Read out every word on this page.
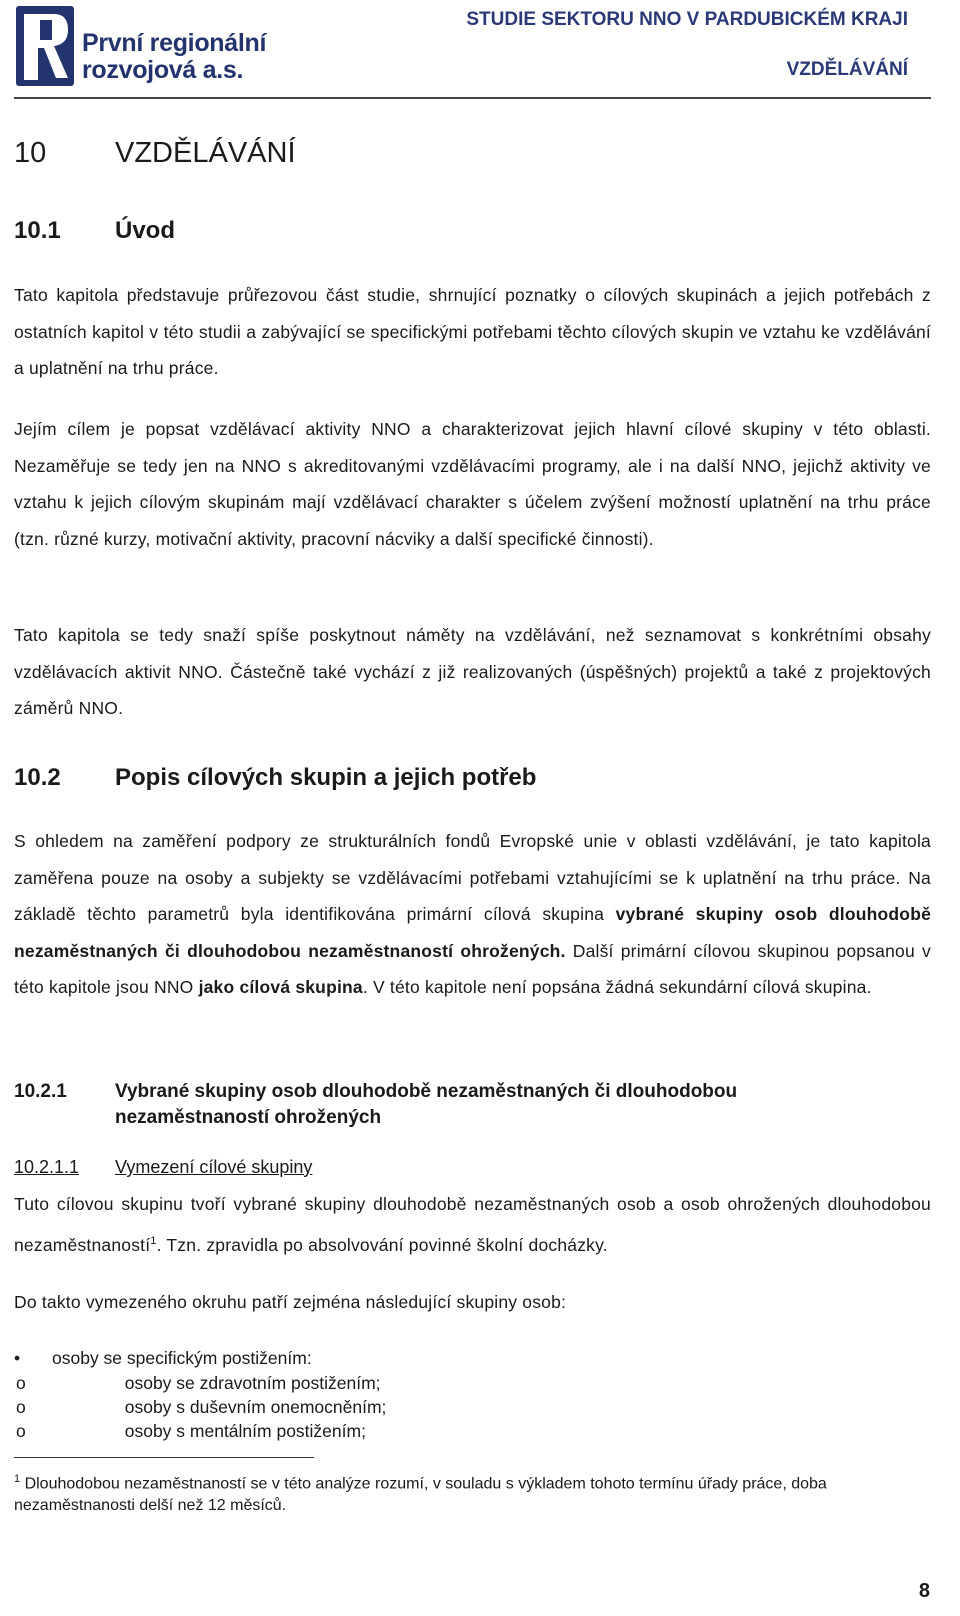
První regionální
rozvojová a.s.
STUDIE SEKTORU NNO V PARDUBICKÉM KRAJI
VZDĚLÁVÁNÍ
10 VZDĚLÁVÁNÍ
10.1 Úvod
Tato kapitola představuje průřezovou část studie, shrnující poznatky o cílových skupinách a jejich potřebách z ostatních kapitol v této studii a zabývající se specifickými potřebami těchto cílových skupin ve vztahu ke vzdělávání a uplatnění na trhu práce.
Jejím cílem je popsat vzdělávací aktivity NNO a charakterizovat jejich hlavní cílové skupiny v této oblasti. Nezaměřuje se tedy jen na NNO s akreditovanými vzdělávacími programy, ale i na další NNO, jejichž aktivity ve vztahu k jejich cílovým skupinám mají vzdělávací charakter s účelem zvýšení možností uplatnění na trhu práce (tzn. různé kurzy, motivační aktivity, pracovní nácviky a další specifické činnosti).
Tato kapitola se tedy snaží spíše poskytnout náměty na vzdělávání, než seznamovat s konkrétními obsahy vzdělávacích aktivit NNO. Částečně také vychází z již realizovaných (úspěšných) projektů a také z projektových záměrů NNO.
10.2 Popis cílových skupin a jejich potřeb
S ohledem na zaměření podpory ze strukturálních fondů Evropské unie v oblasti vzdělávání, je tato kapitola zaměřena pouze na osoby a subjekty se vzdělávacími potřebami vztahujícími se k uplatnění na trhu práce. Na základě těchto parametrů byla identifikována primární cílová skupina vybrané skupiny osob dlouhodobě nezaměstnaných či dlouhodobou nezaměstnaností ohrožených. Další primární cílovou skupinou popsanou v této kapitole jsou NNO jako cílová skupina. V této kapitole není popsána žádná sekundární cílová skupina.
10.2.1	Vybrané skupiny osob dlouhodobě nezaměstnaných či dlouhodobou nezaměstnaností ohrožených
10.2.1.1 Vymezení cílové skupiny
Tuto cílovou skupinu tvoří vybrané skupiny dlouhodobě nezaměstnaných osob a osob ohrožených dlouhodobou nezaměstnaností$^1$. Tzn. zpravidla po absolvování povinné školní docházky.
Do takto vymezeného okruhu patří zejména následující skupiny osob:
• osoby se specifickým postižením:
o	osoby se zdravotním postižením;
o	osoby s duševním onemocněním;
o	osoby s mentálním postižením;
$^1$ Dlouhodobou nezaměstnaností se v této analýze rozumí, v souladu s výkladem tohoto termínu úřady práce, doba nezaměstnanosti delší než 12 měsíců.
8
